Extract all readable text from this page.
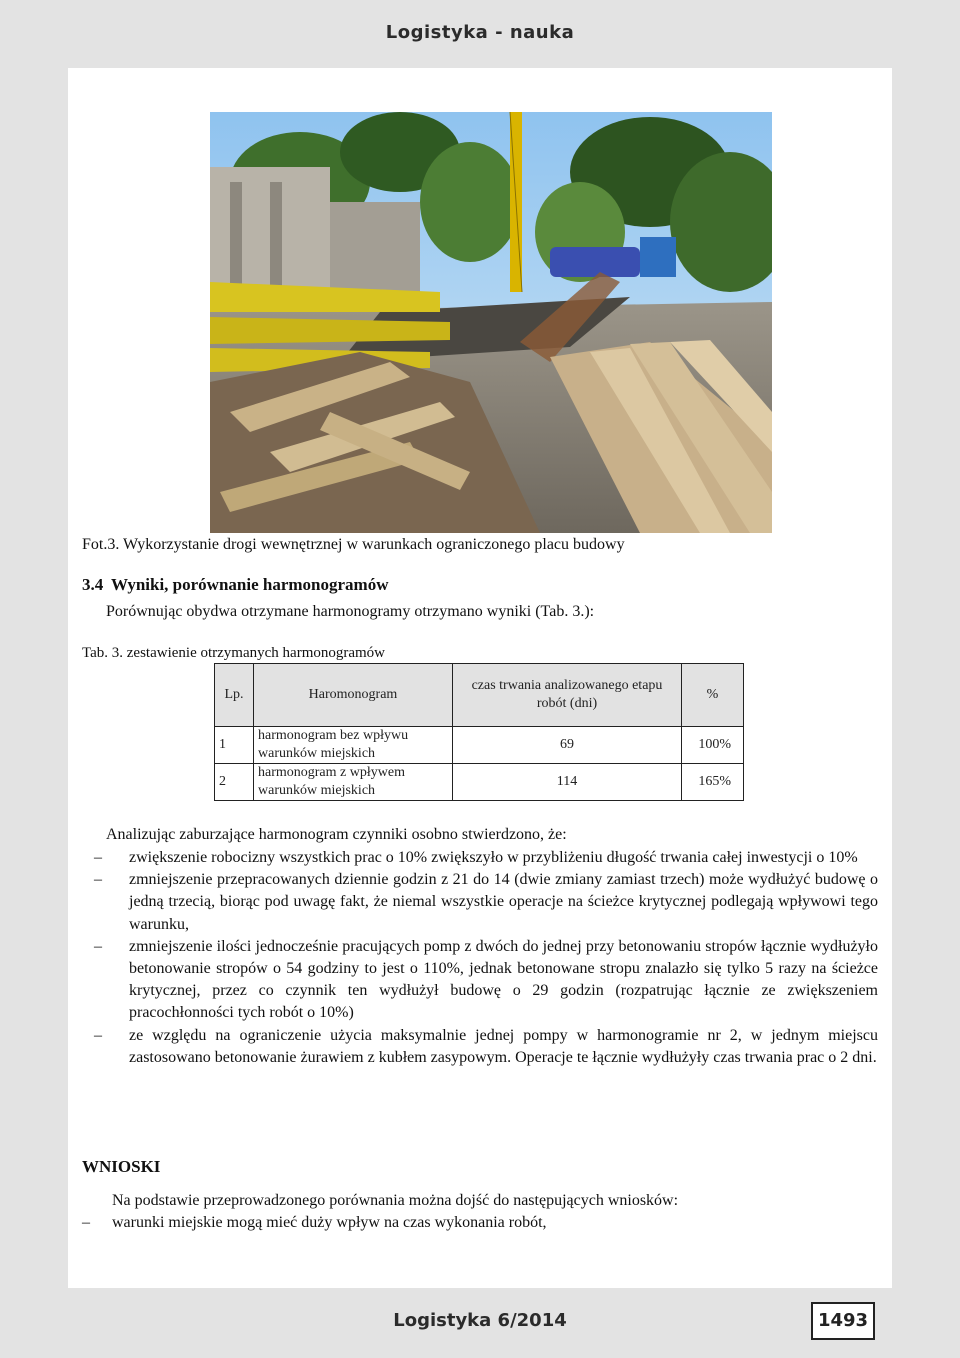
Logistyka - nauka
Fot.3. Wykorzystanie drogi wewnętrznej w warunkach ograniczonego placu budowy
3.4 Wyniki, porównanie harmonogramów
Porównując obydwa otrzymane harmonogramy otrzymano wyniki (Tab. 3.):
Tab. 3. zestawienie otrzymanych harmonogramów
Lp.	Haromonogram	czas trwania analizowanego etapu robót (dni)	%
1	harmonogram bez wpływu warunków miejskich	69	100%
2	harmonogram z wpływem warunków miejskich	114	165%
Analizując zaburzające harmonogram czynniki osobno stwierdzono, że:
– zwiększenie robocizny wszystkich prac o 10% zwiększyło w przybliżeniu długość trwania całej inwestycji o 10%
– zmniejszenie przepracowanych dziennie godzin z 21 do 14 (dwie zmiany zamiast trzech) może wydłużyć budowę o jedną trzecią, biorąc pod uwagę fakt, że niemal wszystkie operacje na ścieżce krytycznej podlegają wpływowi tego warunku,
– zmniejszenie ilości jednocześnie pracujących pomp z dwóch do jednej przy betonowaniu stropów łącznie wydłużyło betonowanie stropów o 54 godziny to jest o 110%, jednak betonowane stropu znalazło się tylko 5 razy na ścieżce krytycznej, przez co czynnik ten wydłużył budowę o 29 godzin (rozpatrując łącznie ze zwiększeniem pracochłonności tych robót o 10%)
– ze względu na ograniczenie użycia maksymalnie jednej pompy w harmonogramie nr 2, w jednym miejscu zastosowano betonowanie żurawiem z kubłem zasypowym. Operacje te łącznie wydłużyły czas trwania prac o 2 dni.
WNIOSKI
Na podstawie przeprowadzonego porównania można dojść do następujących wniosków:
– warunki miejskie mogą mieć duży wpływ na czas wykonania robót,
Logistyka 6/2014	1493
